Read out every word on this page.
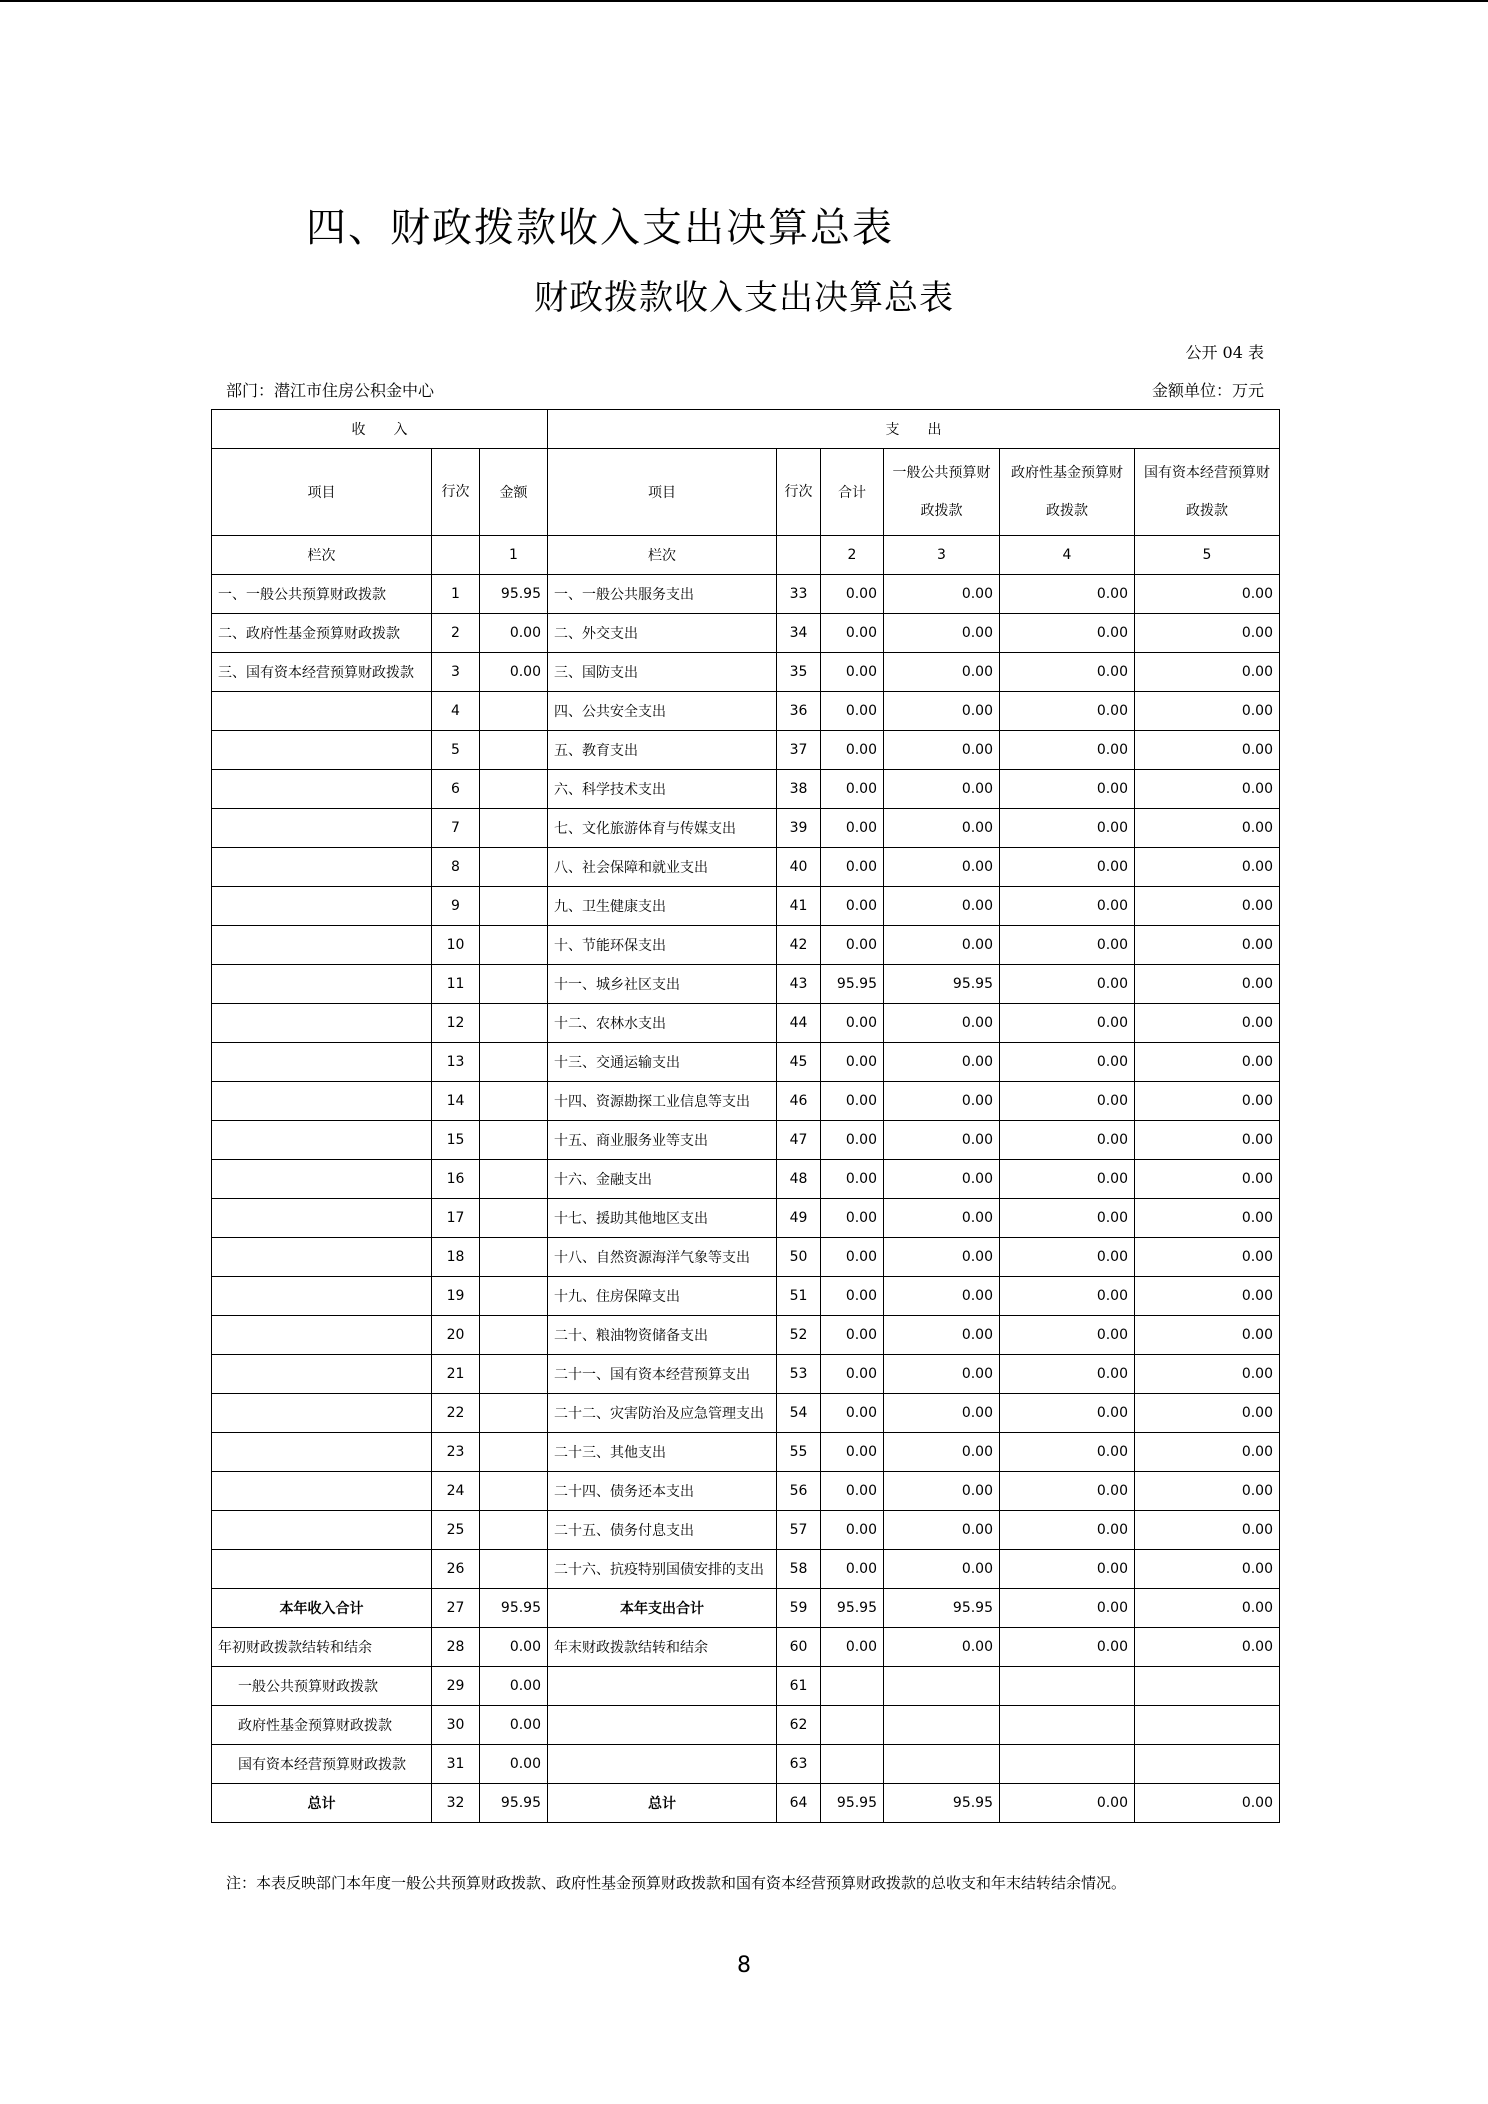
四、财政拨款收入支出决算总表
财政拨款收入支出决算总表
公开 04 表
部门：潜江市住房公积金中心	金额单位：万元
收　　入			支　　出					
项目	行次	金额	项目	行次	合计	一般公共预算财政拨款	政府性基金预算财政拨款	国有资本经营预算财政拨款
栏次		1	栏次		2	3	4	5
一、一般公共预算财政拨款	1	95.95	一、一般公共服务支出	33	0.00	0.00	0.00	0.00
二、政府性基金预算财政拨款	2	0.00	二、外交支出	34	0.00	0.00	0.00	0.00
三、国有资本经营预算财政拨款	3	0.00	三、国防支出	35	0.00	0.00	0.00	0.00
	4		四、公共安全支出	36	0.00	0.00	0.00	0.00
	5		五、教育支出	37	0.00	0.00	0.00	0.00
	6		六、科学技术支出	38	0.00	0.00	0.00	0.00
	7		七、文化旅游体育与传媒支出	39	0.00	0.00	0.00	0.00
	8		八、社会保障和就业支出	40	0.00	0.00	0.00	0.00
	9		九、卫生健康支出	41	0.00	0.00	0.00	0.00
	10		十、节能环保支出	42	0.00	0.00	0.00	0.00
	11		十一、城乡社区支出	43	95.95	95.95	0.00	0.00
	12		十二、农林水支出	44	0.00	0.00	0.00	0.00
	13		十三、交通运输支出	45	0.00	0.00	0.00	0.00
	14		十四、资源勘探工业信息等支出	46	0.00	0.00	0.00	0.00
	15		十五、商业服务业等支出	47	0.00	0.00	0.00	0.00
	16		十六、金融支出	48	0.00	0.00	0.00	0.00
	17		十七、援助其他地区支出	49	0.00	0.00	0.00	0.00
	18		十八、自然资源海洋气象等支出	50	0.00	0.00	0.00	0.00
	19		十九、住房保障支出	51	0.00	0.00	0.00	0.00
	20		二十、粮油物资储备支出	52	0.00	0.00	0.00	0.00
	21		二十一、国有资本经营预算支出	53	0.00	0.00	0.00	0.00
	22		二十二、灾害防治及应急管理支出	54	0.00	0.00	0.00	0.00
	23		二十三、其他支出	55	0.00	0.00	0.00	0.00
	24		二十四、债务还本支出	56	0.00	0.00	0.00	0.00
	25		二十五、债务付息支出	57	0.00	0.00	0.00	0.00
	26		二十六、抗疫特别国债安排的支出	58	0.00	0.00	0.00	0.00
本年收入合计	27	95.95	本年支出合计	59	95.95	95.95	0.00	0.00
年初财政拨款结转和结余	28	0.00	年末财政拨款结转和结余	60	0.00	0.00	0.00	0.00
一般公共预算财政拨款	29	0.00		61				
政府性基金预算财政拨款	30	0.00		62				
国有资本经营预算财政拨款	31	0.00		63				
总计	32	95.95	总计	64	95.95	95.95	0.00	0.00
注：本表反映部门本年度一般公共预算财政拨款、政府性基金预算财政拨款和国有资本经营预算财政拨款的总收支和年末结转结余情况。
8
